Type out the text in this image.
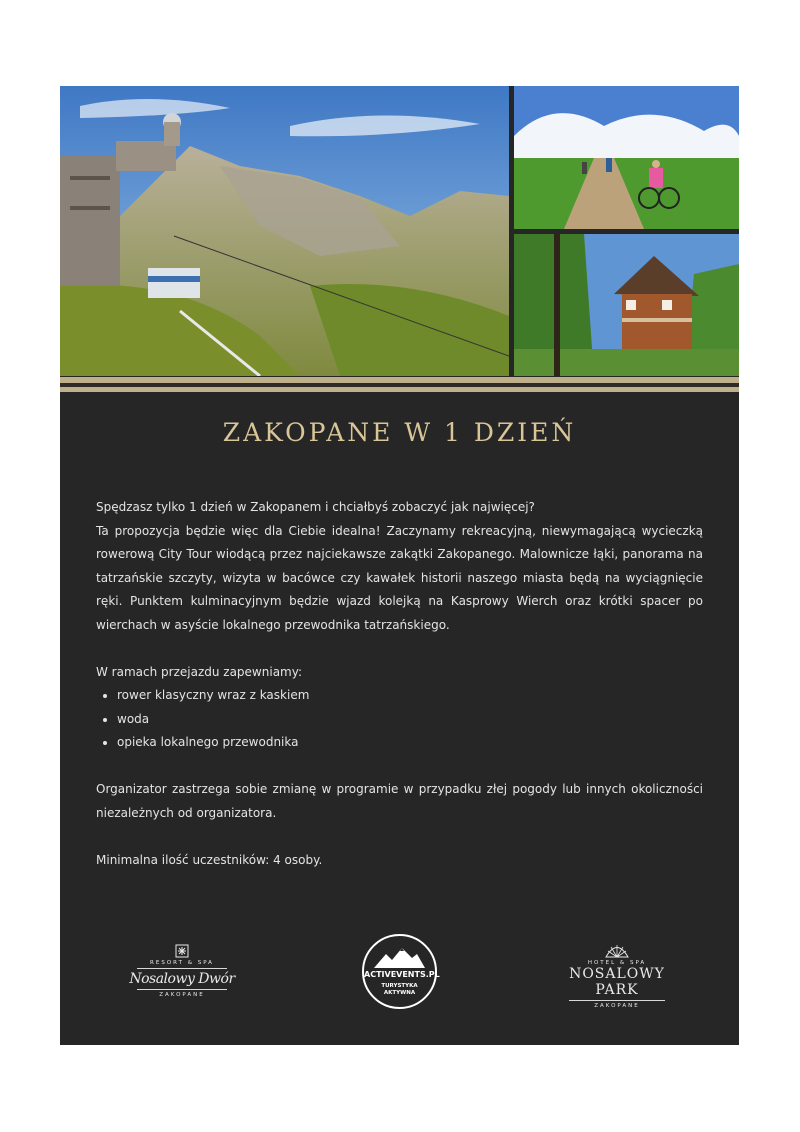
ZAKOPANE W 1 DZIEŃ

Spędzasz tylko 1 dzień w Zakopanem i chciałbyś zobaczyć jak najwięcej?

Ta propozycja będzie więc dla Ciebie idealna! Zaczynamy rekreacyjną, niewymagającą wycieczką rowerową City Tour wiodącą przez najciekawsze zakątki Zakopanego. Malownicze łąki, panorama na tatrzańskie szczyty, wizyta w bacówce czy kawałek historii naszego miasta będą na wyciągnięcie ręki. Punktem kulminacyjnym będzie wjazd kolejką na Kasprowy Wierch oraz krótki spacer po wierchach w asyście lokalnego przewodnika tatrzańskiego.

W ramach przejazdu zapewniamy:

• rower klasyczny wraz z kaskiem
• woda
• opieka lokalnego przewodnika

Organizator zastrzega sobie zmianę w programie w przypadku złej pogody lub innych okoliczności niezależnych od organizatora.

Minimalna ilość uczestników: 4 osoby.

RESORT & SPA
Nosalowy Dwór
ZAKOPANE
ACTIVEVENTS.PL
TURYSTYKA
AKTYWNA
HOTEL & SPA
NOSALOWY PARK
ZAKOPANE
